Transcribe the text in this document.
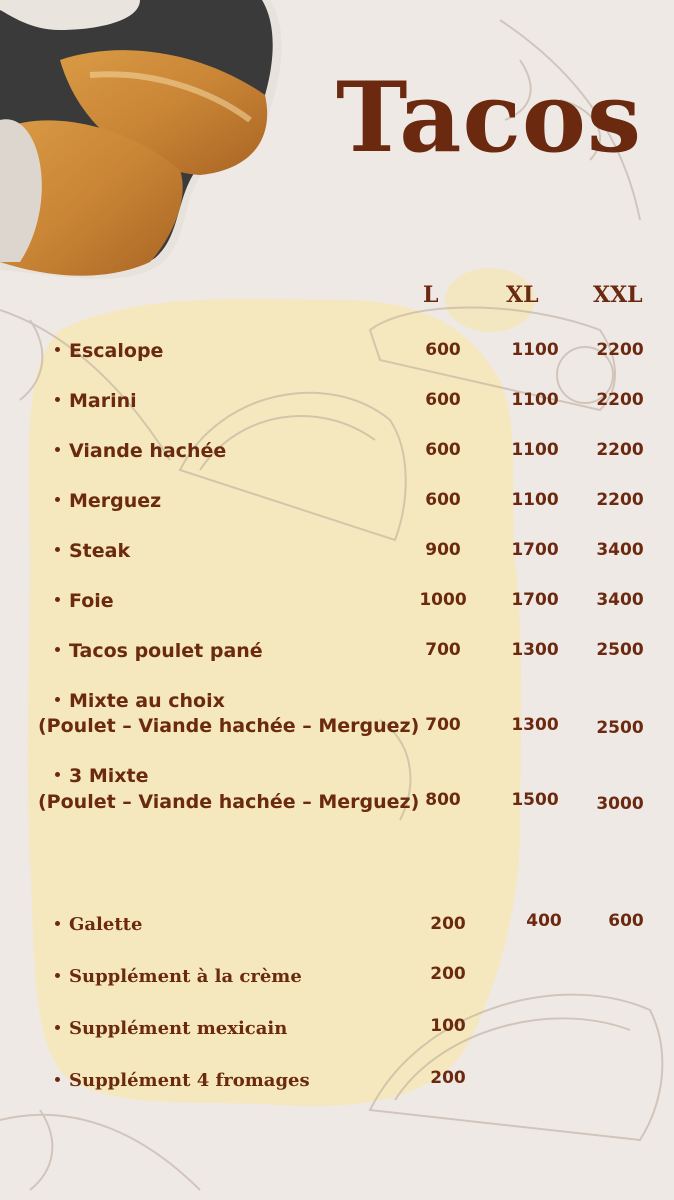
Tacos
L	XL XXL
Escalope	600	1100	2200
Marini	600	1100	2200
Viande hachée	600	1100	2200
Merguez	600	1100	2200
Steak	900	1700	3400
Foie	1000	1700	3400
Tacos poulet pané	700	1300	2500
Mixte au choix
(Poulet – Viande hachée – Merguez) 700	1300	2500
3 Mixte
(Poulet – Viande hachée – Merguez) 800	1500	3000
Galette	200	400	600
Supplément à la crème	200
Supplément mexicain	100
Supplément 4 fromages	200
